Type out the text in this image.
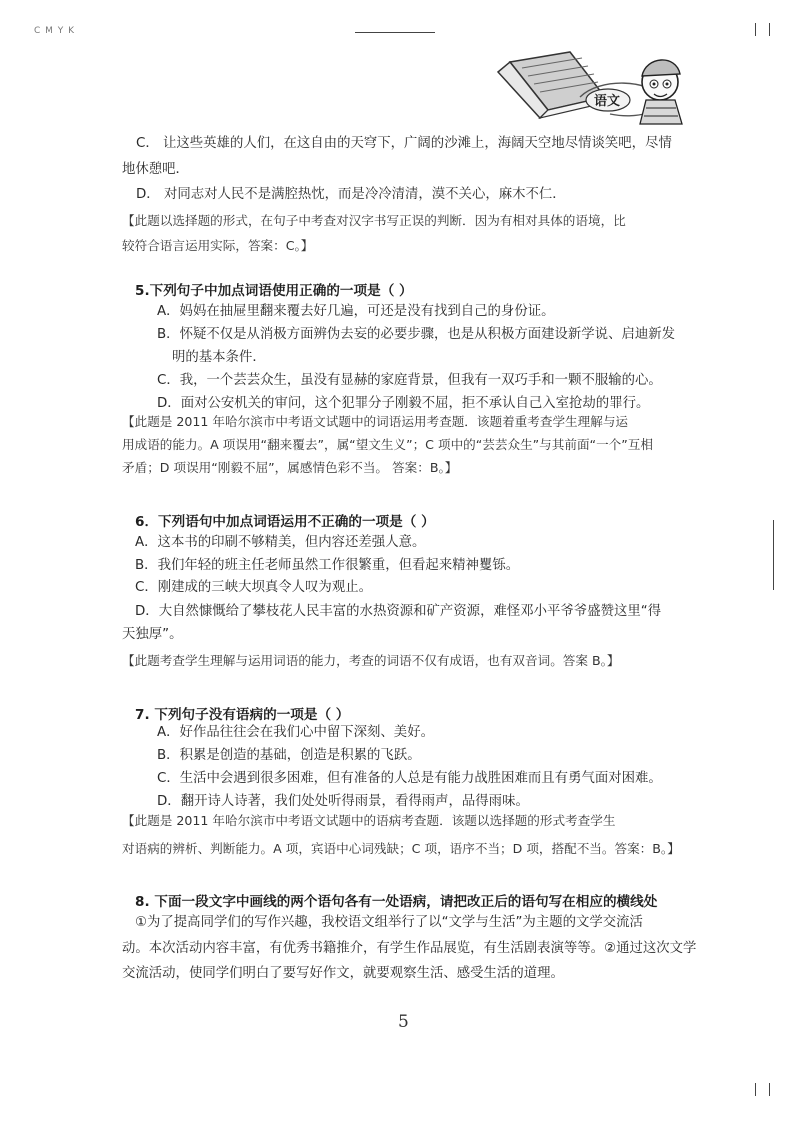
C M Y K
语文
C． 让这些英雄的人们，在这自由的天穹下，广阔的沙滩上，海阔天空地尽情谈笑吧，尽情
地休憩吧．
D． 对同志对人民不是满腔热忱，而是冷冷清清，漠不关心，麻木不仁．
【此题以选择题的形式，在句子中考查对汉字书写正误的判断．因为有相对具体的语境，比
较符合语言运用实际，答案：C。】
5.下列句子中加点词语使用正确的一项是（ ）
A．妈妈在抽屉里翻来覆去好几遍，可还是没有找到自己的身份证。
B．怀疑不仅是从消极方面辨伪去妄的必要步骤，也是从积极方面建设新学说、启迪新发
明的基本条件．
C．我，一个芸芸众生，虽没有显赫的家庭背景，但我有一双巧手和一颗不服输的心。
D．面对公安机关的审问，这个犯罪分子刚毅不屈，拒不承认自己入室抢劫的罪行。
【此题是 2011 年哈尔滨市中考语文试题中的词语运用考查题．该题着重考查学生理解与运
用成语的能力。A 项误用“翻来覆去”，属“望文生义”；C 项中的“芸芸众生”与其前面“一个”互相
矛盾；D 项误用“刚毅不屈”，属感情色彩不当。 答案：B。】
6．下列语句中加点词语运用不正确的一项是（ ）
A．这本书的印刷不够精美，但内容还差强人意。
B．我们年轻的班主任老师虽然工作很繁重，但看起来精神矍铄。
C．刚建成的三峡大坝真令人叹为观止。
D．大自然慷慨给了攀枝花人民丰富的水热资源和矿产资源，难怪邓小平爷爷盛赞这里“得
天独厚”。
【此题考查学生理解与运用词语的能力，考查的词语不仅有成语，也有双音词。答案 B。】
7. 下列句子没有语病的一项是（ ）
A．好作品往往会在我们心中留下深刻、美好。
B．积累是创造的基础，创造是积累的飞跃。
C．生活中会遇到很多困难，但有准备的人总是有能力战胜困难而且有勇气面对困难。
D．翻开诗人诗著，我们处处听得雨景，看得雨声，品得雨味。
【此题是 2011 年哈尔滨市中考语文试题中的语病考查题．该题以选择题的形式考查学生
对语病的辨析、判断能力。A 项，宾语中心词残缺；C 项，语序不当；D 项，搭配不当。答案：B。】
8. 下面一段文字中画线的两个语句各有一处语病，请把改正后的语句写在相应的横线处
①为了提高同学们的写作兴趣，我校语文组举行了以“文学与生活”为主题的文学交流活
动。本次活动内容丰富，有优秀书籍推介，有学生作品展览，有生活剧表演等等。②通过这次文学
交流活动，使同学们明白了要写好作文，就要观察生活、感受生活的道理。
5
